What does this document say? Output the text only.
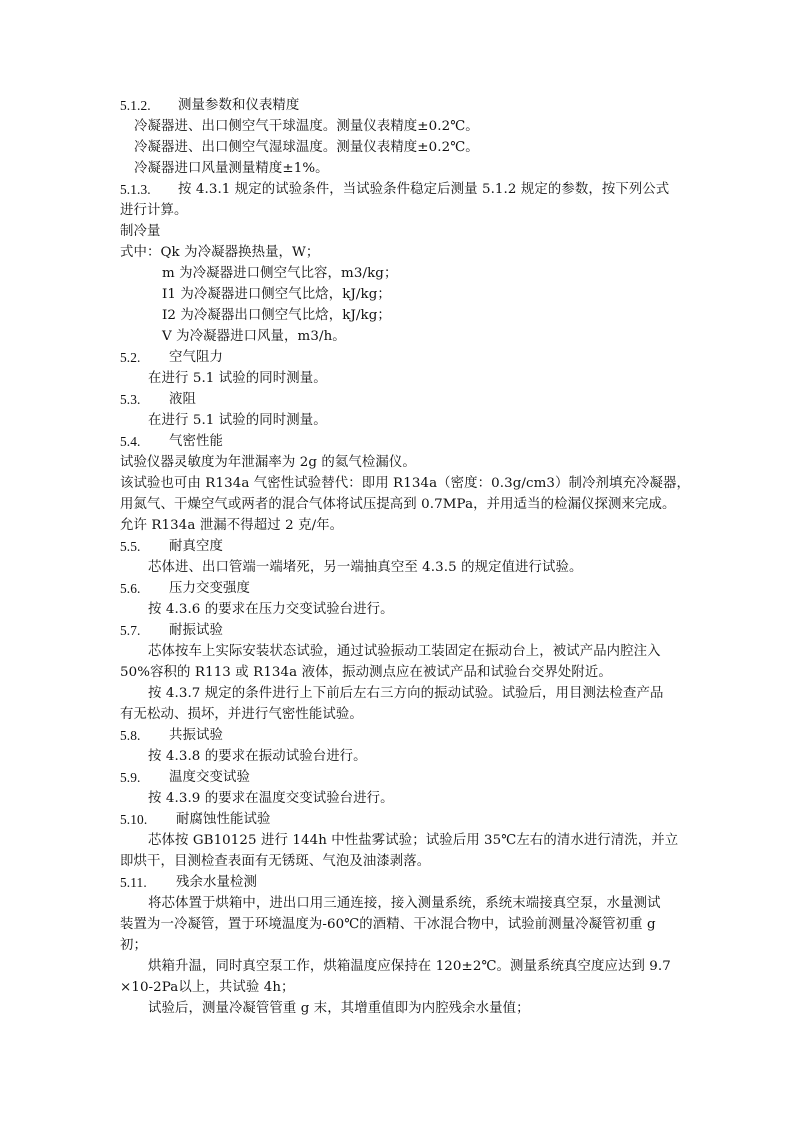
5.1.2. 测量参数和仪表精度
冷凝器进、出口侧空气干球温度。测量仪表精度±0.2℃。
冷凝器进、出口侧空气湿球温度。测量仪表精度±0.2℃。
冷凝器进口风量测量精度±1%。
5.1.3. 按 4.3.1 规定的试验条件，当试验条件稳定后测量 5.1.2 规定的参数，按下列公式
进行计算。
制冷量
式中：Qk 为冷凝器换热量，W；
m 为冷凝器进口侧空气比容，m3/kg；
I1 为冷凝器进口侧空气比焓，kJ/kg；
I2 为冷凝器出口侧空气比焓，kJ/kg；
V 为冷凝器进口风量，m3/h。
5.2. 空气阻力
在进行 5.1 试验的同时测量。
5.3. 液阻
在进行 5.1 试验的同时测量。
5.4. 气密性能
试验仪器灵敏度为年泄漏率为 2g 的氦气检漏仪。
该试验也可由 R134a 气密性试验替代：即用 R134a（密度：0.3g/cm3）制冷剂填充冷凝器，
用氮气、干燥空气或两者的混合气体将试压提高到 0.7MPa，并用适当的检漏仪探测来完成。
允许 R134a 泄漏不得超过 2 克/年。
5.5. 耐真空度
芯体进、出口管端一端堵死，另一端抽真空至 4.3.5 的规定值进行试验。
5.6. 压力交变强度
按 4.3.6 的要求在压力交变试验台进行。
5.7. 耐振试验
芯体按车上实际安装状态试验，通过试验振动工装固定在振动台上，被试产品内腔注入
50%容积的 R113 或 R134a 液体，振动测点应在被试产品和试验台交界处附近。
按 4.3.7 规定的条件进行上下前后左右三方向的振动试验。试验后，用目测法检查产品
有无松动、损坏，并进行气密性能试验。
5.8. 共振试验
按 4.3.8 的要求在振动试验台进行。
5.9. 温度交变试验
按 4.3.9 的要求在温度交变试验台进行。
5.10. 耐腐蚀性能试验
芯体按 GB10125 进行 144h 中性盐雾试验；试验后用 35℃左右的清水进行清洗，并立
即烘干，目测检查表面有无锈斑、气泡及油漆剥落。
5.11. 残余水量检测
将芯体置于烘箱中，进出口用三通连接，接入测量系统，系统末端接真空泵，水量测试
装置为一冷凝管，置于环境温度为-60℃的酒精、干冰混合物中，试验前测量冷凝管初重 g
初；
烘箱升温，同时真空泵工作，烘箱温度应保持在 120±2℃。测量系统真空度应达到 9.7
×10-2Pa以上，共试验 4h；
试验后，测量冷凝管管重 g 末，其增重值即为内腔残余水量值；
